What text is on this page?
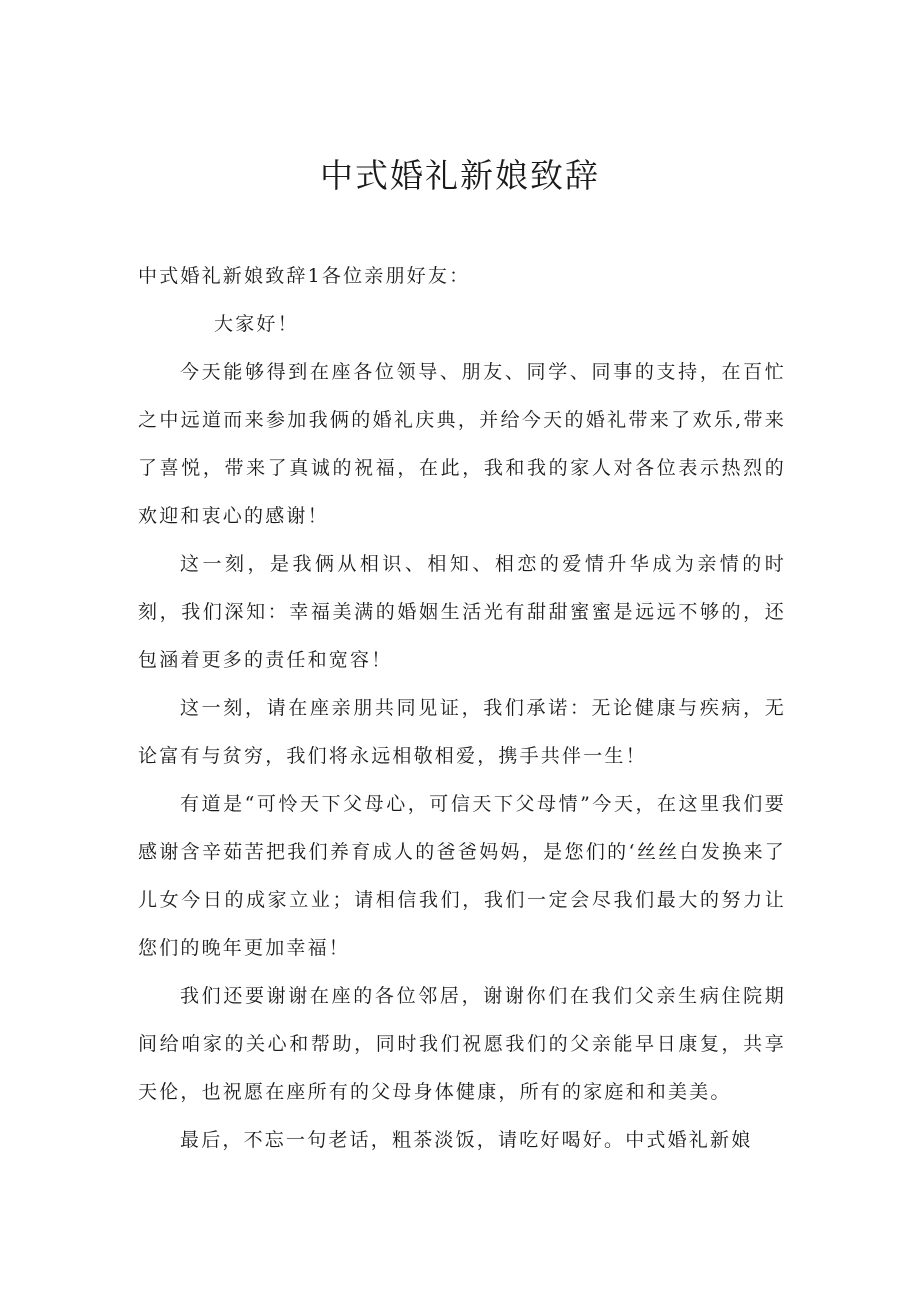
中式婚礼新娘致辞

中式婚礼新娘致辞1各位亲朋好友：

大家好！

今天能够得到在座各位领导、朋友、同学、同事的支持，在百忙之中远道而来参加我俩的婚礼庆典，并给今天的婚礼带来了欢乐,带来了喜悦，带来了真诚的祝福，在此，我和我的家人对各位表示热烈的欢迎和衷心的感谢！

这一刻，是我俩从相识、相知、相恋的爱情升华成为亲情的时刻，我们深知：幸福美满的婚姻生活光有甜甜蜜蜜是远远不够的，还包涵着更多的责任和宽容！

这一刻，请在座亲朋共同见证，我们承诺：无论健康与疾病，无论富有与贫穷，我们将永远相敬相爱，携手共伴一生！

有道是“可怜天下父母心，可信天下父母情”今天，在这里我们要感谢含辛茹苦把我们养育成人的爸爸妈妈，是您们的‘丝丝白发换来了儿女今日的成家立业；请相信我们，我们一定会尽我们最大的努力让您们的晚年更加幸福！

我们还要谢谢在座的各位邻居，谢谢你们在我们父亲生病住院期间给咱家的关心和帮助，同时我们祝愿我们的父亲能早日康复，共享天伦，也祝愿在座所有的父母身体健康，所有的家庭和和美美。

最后，不忘一句老话，粗茶淡饭，请吃好喝好。中式婚礼新娘
